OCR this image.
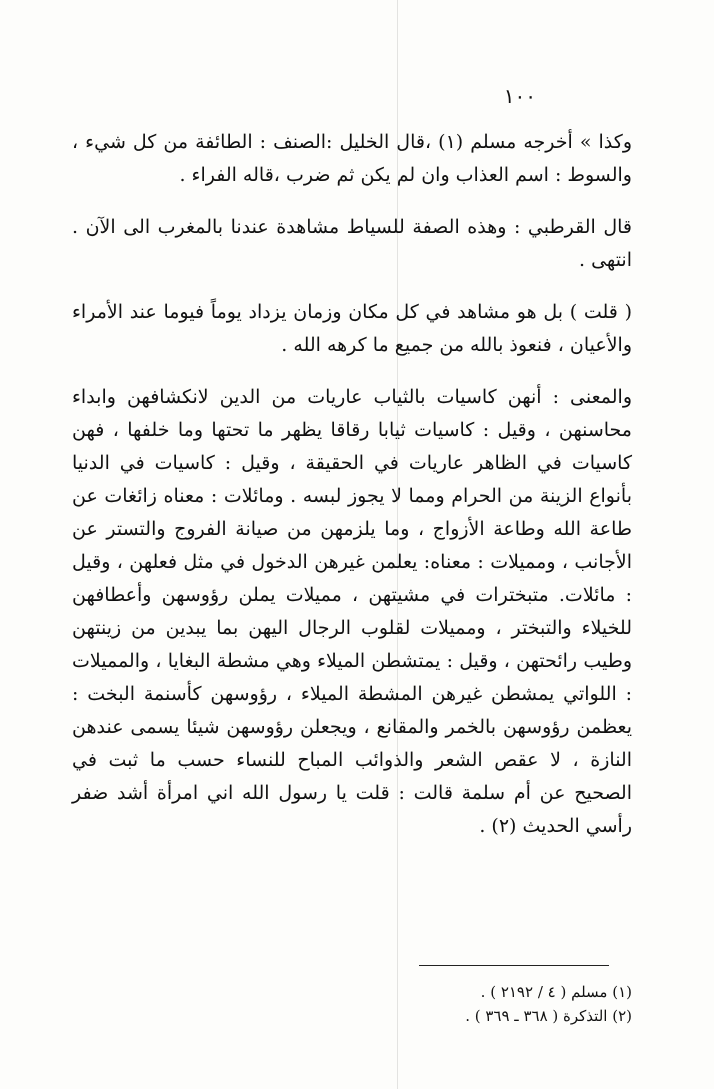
١٠٠

وكذا » أخرجه مسلم (١) ،قال الخليل :الصنف : الطائفة من كل شيء ، والسوط : اسم العذاب وان لم يكن ثم ضرب ،قاله الفراء .

قال القرطبي : وهذه الصفة للسياط مشاهدة عندنا بالمغرب الى الآن . انتهى .

( قلت ) بل هو مشاهد في كل مكان وزمان يزداد يوماً فيوما عند الأمراء والأعيان ، فنعوذ بالله من جميع ما كرهه الله .

والمعنى : أنهن كاسيات بالثياب عاريات من الدين لانكشافهن وابداء محاسنهن ، وقيل : كاسيات ثيابا رقاقا يظهر ما تحتها وما خلفها ، فهن كاسيات في الظاهر عاريات في الحقيقة ، وقيل : كاسيات في الدنيا بأنواع الزينة من الحرام ومما لا يجوز لبسه . ومائلات : معناه زائغات عن طاعة الله وطاعة الأزواج ، وما يلزمهن من صيانة الفروج والتستر عن الأجانب ، ومميلات : معناه: يعلمن غيرهن الدخول في مثل فعلهن ، وقيل : مائلات. متبخترات في مشيتهن ، مميلات يملن رؤوسهن وأعطافهن للخيلاء والتبختر ، ومميلات لقلوب الرجال اليهن بما يبدين من زينتهن وطيب رائحتهن ، وقيل : يمتشطن الميلاء وهي مشطة البغايا ، والمميلات : اللواتي يمشطن غيرهن المشطة الميلاء ، رؤوسهن كأسنمة البخت : يعظمن رؤوسهن بالخمر والمقانع ، ويجعلن رؤوسهن شيئا يسمى عندهن النازة ، لا عقص الشعر والذوائب المباح للنساء حسب ما ثبت في الصحيح عن أم سلمة قالت : قلت يا رسول الله اني امرأة أشد ضفر رأسي الحديث (٢) .

(١) مسلم ( ٤ / ٢١٩٢ ) .

(٢) التذكرة ( ٣٦٨ ـ ٣٦٩ ) .
